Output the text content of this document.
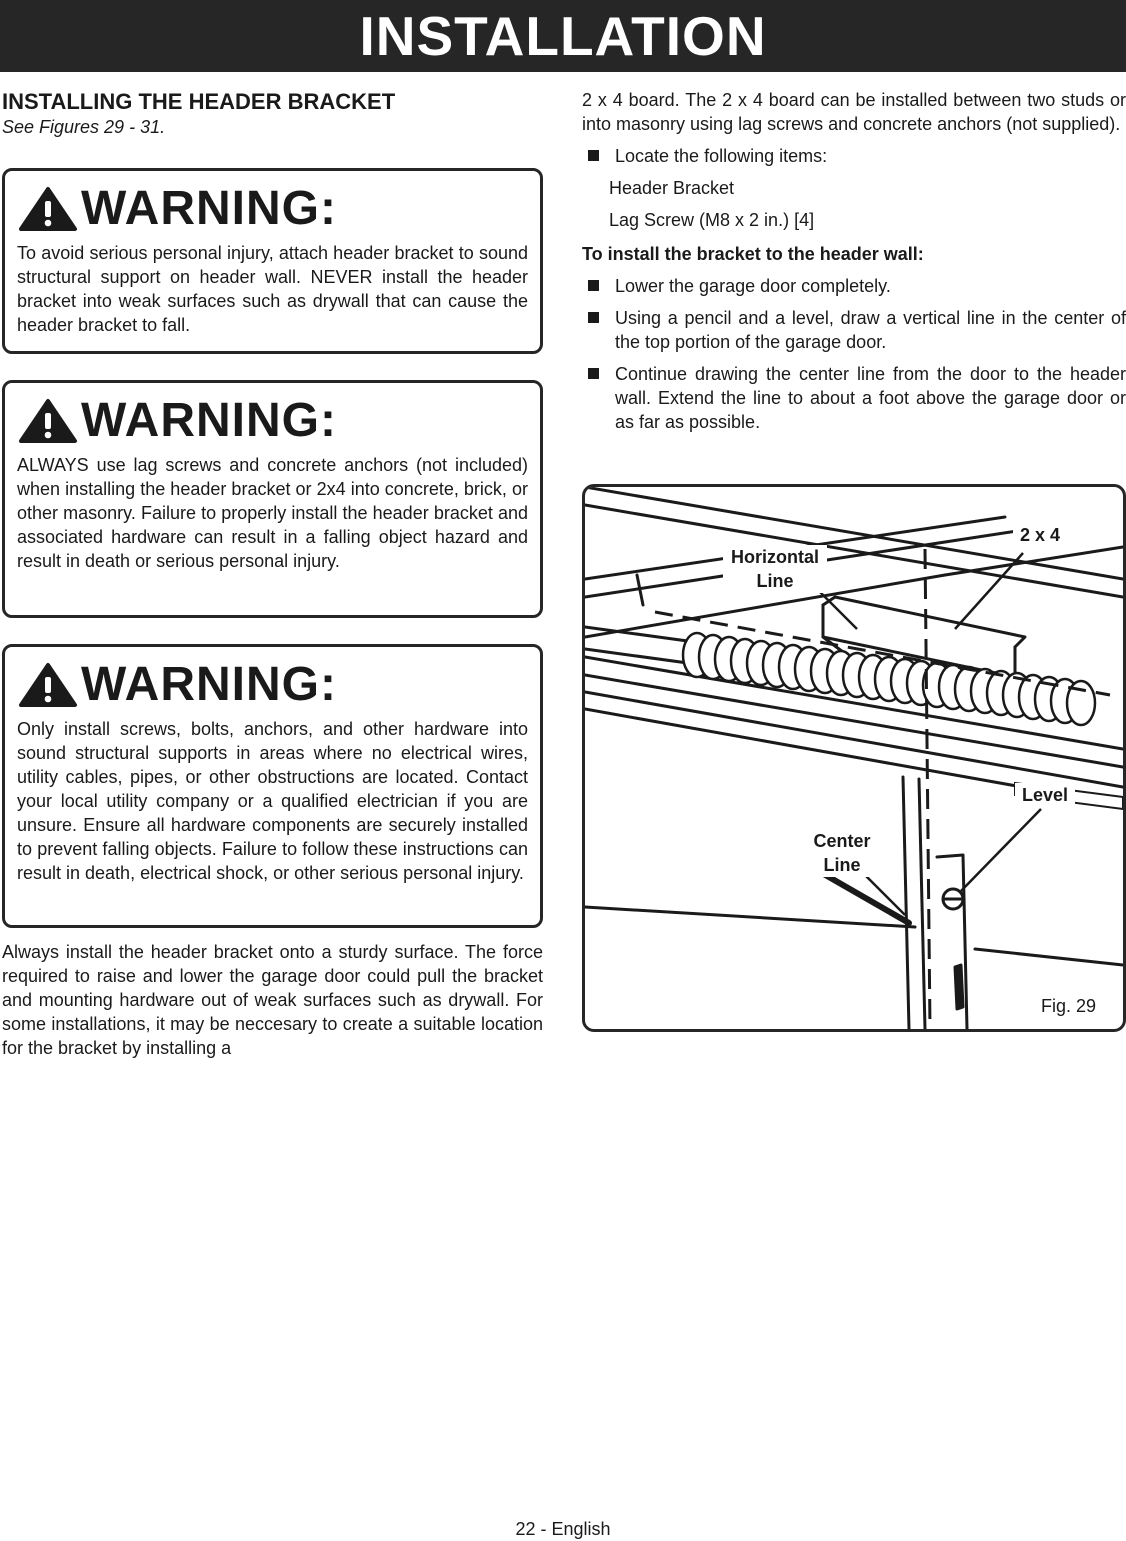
INSTALLATION
INSTALLING THE HEADER BRACKET

See Figures 29 - 31.

WARNING:
To avoid serious personal injury, attach header bracket to sound structural support on header wall. NEVER install the header bracket into weak surfaces such as drywall that can cause the header bracket to fall.
WARNING:
ALWAYS use lag screws and concrete anchors (not included) when installing the header bracket or 2x4 into concrete, brick, or other masonry. Failure to properly install the header bracket and associated hardware can result in a falling object hazard and result in death or serious personal injury.
WARNING:
Only install screws, bolts, anchors, and other hardware into sound structural supports in areas where no electrical wires, utility cables, pipes, or other obstructions are located. Contact your local utility company or a qualified electrician if you are unsure. Ensure all hardware components are securely installed to prevent falling objects. Failure to follow these instructions can result in death, electrical shock, or other serious personal injury.

Always install the header bracket onto a sturdy surface. The force required to raise and lower the garage door could pull the bracket and mounting hardware out of weak surfaces such as drywall. For some installations, it may be neccesary to create a suitable location for the bracket by installing a

2 x 4 board. The 2 x 4 board can be installed between two studs or into masonry using lag screws and concrete anchors (not supplied).

Locate the following items:
Header Bracket
Lag Screw (M8 x 2 in.) [4]
To install the bracket to the header wall:
Lower the garage door completely.
Using a pencil and a level, draw a vertical line in the center of the top portion of the garage door.
Continue drawing the center line from the door to the header wall. Extend the line to about a foot above the garage door or as far as possible.
Horizontal
Line
2 x 4
Level
Center
Line
Fig. 29
22 - English
